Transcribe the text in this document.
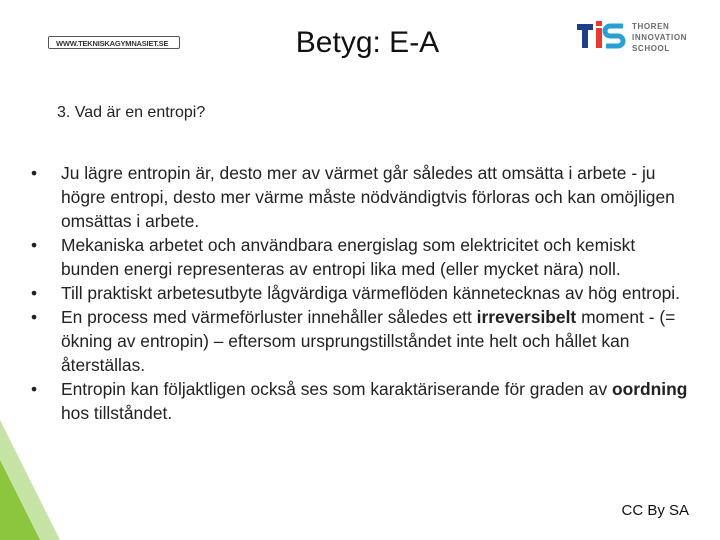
WWW.TEKNISKAGYMNASIET.SE	Betyg: E-A	THOREN
INNOVATION
SCHOOL

3. Vad är en entropi?

•	Ju lägre entropin är, desto mer av värmet går således att omsätta i arbete - ju högre entropi, desto mer värme måste nödvändigtvis förloras och kan omöjligen omsättas i arbete.
•	Mekaniska arbetet och användbara energislag som elektricitet och kemiskt bunden energi representeras av entropi lika med (eller mycket nära) noll.
•	Till praktiskt arbetesutbyte lågvärdiga värmeflöden kännetecknas av hög entropi.
•	En process med värmeförluster innehåller således ett irreversibelt moment - (= ökning av entropin) – eftersom ursprungstillståndet inte helt och hållet kan återställas.
•	Entropin kan följaktligen också ses som karaktäriserande för graden av oordning hos tillståndet.
CC By SA
